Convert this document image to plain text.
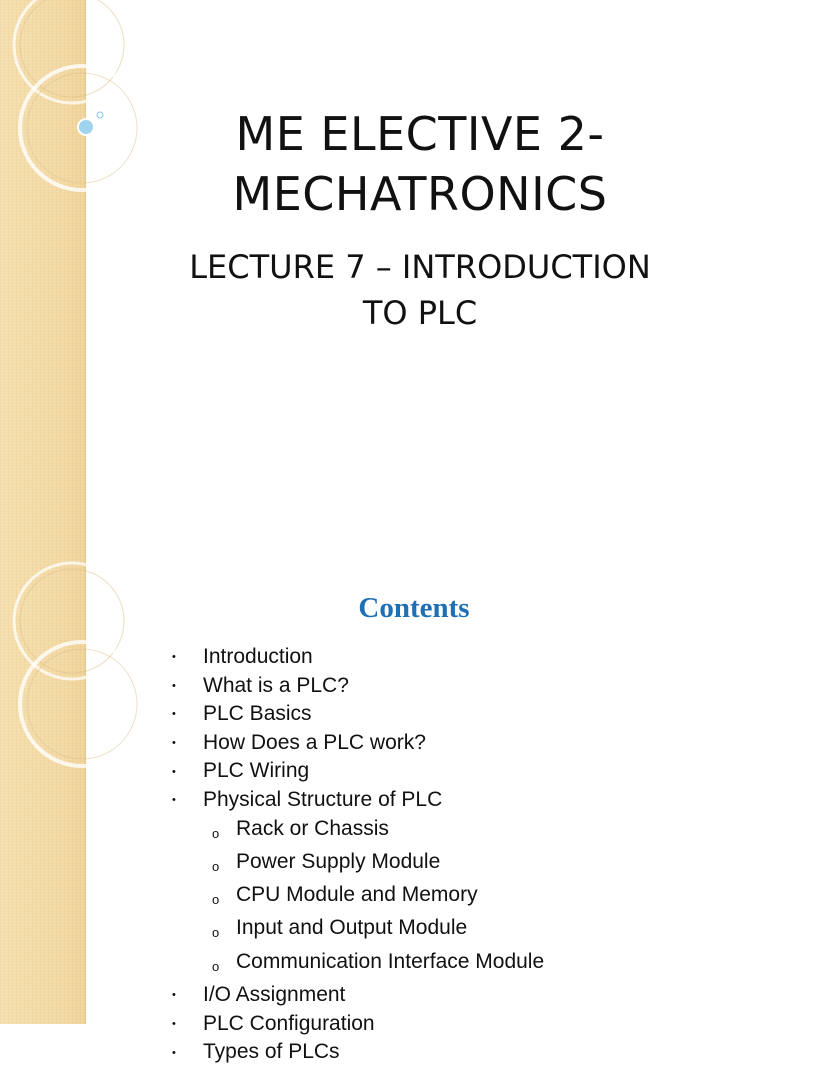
ME ELECTIVE 2-
MECHATRONICS
LECTURE 7 – INTRODUCTION
TO PLC
Contents
• Introduction
• What is a PLC?
• PLC Basics
• How Does a PLC work?
• PLC Wiring
• Physical Structure of PLC
o Rack or Chassis
o Power Supply Module
o CPU Module and Memory
o Input and Output Module
o Communication Interface Module
• I/O Assignment
• PLC Configuration
• Types of PLCs
